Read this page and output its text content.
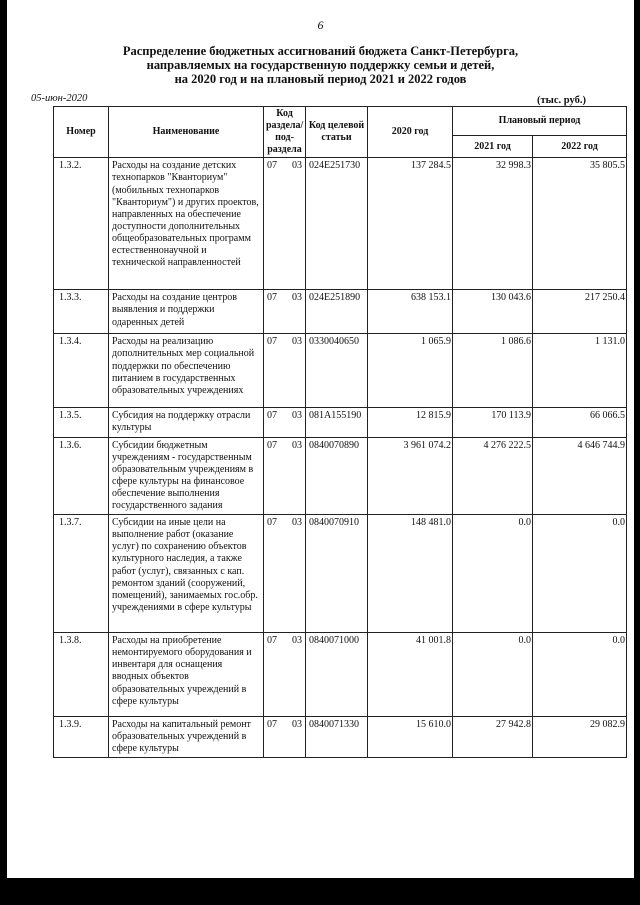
6
Распределение бюджетных ассигнований бюджета Санкт-Петербурга,
направляемых на государственную поддержку семьи и детей,
на 2020 год и на плановый период 2021 и 2022 годов
05-июн-2020	(тыс. руб.)
Номер	Наименование	Код раздела/ под- раздела	Код целевой статьи	2020 год	Плановый период	
					2021 год	2022 год
1.3.2.	Расходы на создание детских технопарков "Кванториум" (мобильных технопарков "Кванториум") и других проектов, направленных на обеспечение доступности дополнительных общеобразовательных программ естественнонаучной и технической направленностей	07 03	024E251730	137 284.5	32 998.3	35 805.5
1.3.3.	Расходы на создание центров выявления и поддержки одаренных детей	07 03	024E251890	638 153.1	130 043.6	217 250.4
1.3.4.	Расходы на реализацию дополнительных мер социальной поддержки по обеспечению питанием в государственных образовательных учреждениях	07 03	0330040650	1 065.9	1 086.6	1 131.0
1.3.5.	Субсидия на поддержку отрасли культуры	07 03	081A155190	12 815.9	170 113.9	66 066.5
1.3.6.	Субсидии бюджетным учреждениям - государственным образовательным учреждениям в сфере культуры на финансовое обеспечение выполнения государственного задания	07 03	0840070890	3 961 074.2	4 276 222.5	4 646 744.9
1.3.7.	Субсидии на иные цели на выполнение работ (оказание услуг) по сохранению объектов культурного наследия, а также работ (услуг), связанных с кап. ремонтом зданий (сооружений, помещений), занимаемых гос.обр. учреждениями в сфере культуры	07 03	0840070910	148 481.0	0.0	0.0
1.3.8.	Расходы на приобретение немонтируемого оборудования и инвентаря для оснащения вводных объектов образовательных учреждений в сфере культуры	07 03	0840071000	41 001.8	0.0	0.0
1.3.9.	Расходы на капитальный ремонт образовательных учреждений в сфере культуры	07 03	0840071330	15 610.0	27 942.8	29 082.9
